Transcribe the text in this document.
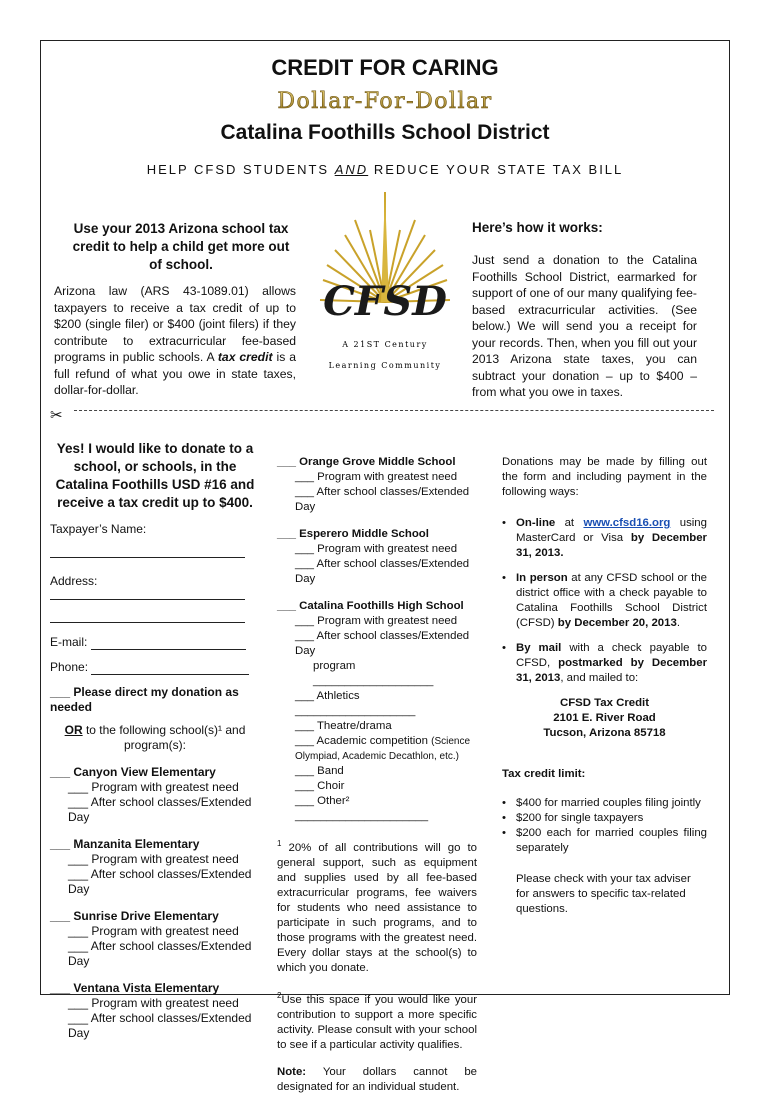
CREDIT FOR CARING
Dollar-For-Dollar
Catalina Foothills School District
HELP CFSD STUDENTS AND REDUCE YOUR STATE TAX BILL
Use your 2013 Arizona school tax credit to help a child get more out of school.
Arizona law (ARS 43-1089.01) allows taxpayers to receive a tax credit of up to $200 (single filer) or $400 (joint filers) if they contribute to extracurricular fee-based programs in public schools. A tax credit is a full refund of what you owe in state taxes, dollar-for-dollar.
CFSD
A 21ST Century
Learning Community
Here’s how it works:
Just send a donation to the Catalina Foothills School District, earmarked for support of one of our many qualifying fee-based extracurricular activities. (See below.) We will send you a receipt for your records. Then, when you fill out your 2013 Arizona state taxes, you can subtract your donation – up to $400 – from what you owe in taxes.
✂
Yes! I would like to donate to a school, or schools, in the Catalina Foothills USD #16 and receive a tax credit up to $400.
Taxpayer’s Name:
Address:
E-mail:
Phone:
___ Please direct my donation as needed
OR to the following school(s)¹ and program(s):
___ Canyon View Elementary
___ Program with greatest need
___ After school classes/Extended Day
___ Manzanita Elementary
___ Program with greatest need
___ After school classes/Extended Day
___ Sunrise Drive Elementary
___ Program with greatest need
___ After school classes/Extended Day
___ Ventana Vista Elementary
___ Program with greatest need
___ After school classes/Extended Day
___ Orange Grove Middle School
___ Program with greatest need
___ After school classes/Extended Day
___ Esperero Middle School
___ Program with greatest need
___ After school classes/Extended Day
___ Catalina Foothills High School
___ Program with greatest need
___ After school classes/Extended Day
program ___________________
___ Athletics ___________________
___ Theatre/drama
___ Academic competition (Science Olympiad, Academic Decathlon, etc.)
___ Band
___ Choir
___ Other² _____________________
$^1$ 20% of all contributions will go to general support, such as equipment and supplies used by all fee-based extracurricular programs, fee waivers for students who need assistance to participate in such programs, and to those programs with the greatest need. Every dollar stays at the school(s) to which you donate.
$^2$Use this space if you would like your contribution to support a more specific activity. Please consult with your school to see if a particular activity qualifies.
Note: Your dollars cannot be designated for an individual student.
Donations may be made by filling out the form and including payment in the following ways:
• On-line at www.cfsd16.org using MasterCard or Visa by December 31, 2013.
• In person at any CFSD school or the district office with a check payable to Catalina Foothills School District (CFSD) by December 20, 2013.
• By mail with a check payable to CFSD, postmarked by December 31, 2013, and mailed to:
CFSD Tax Credit
2101 E. River Road
Tucson, Arizona 85718
Tax credit limit:
• $400 for married couples filing jointly
• $200 for single taxpayers
• $200 each for married couples filing separately
Please check with your tax adviser for answers to specific tax-related questions.
